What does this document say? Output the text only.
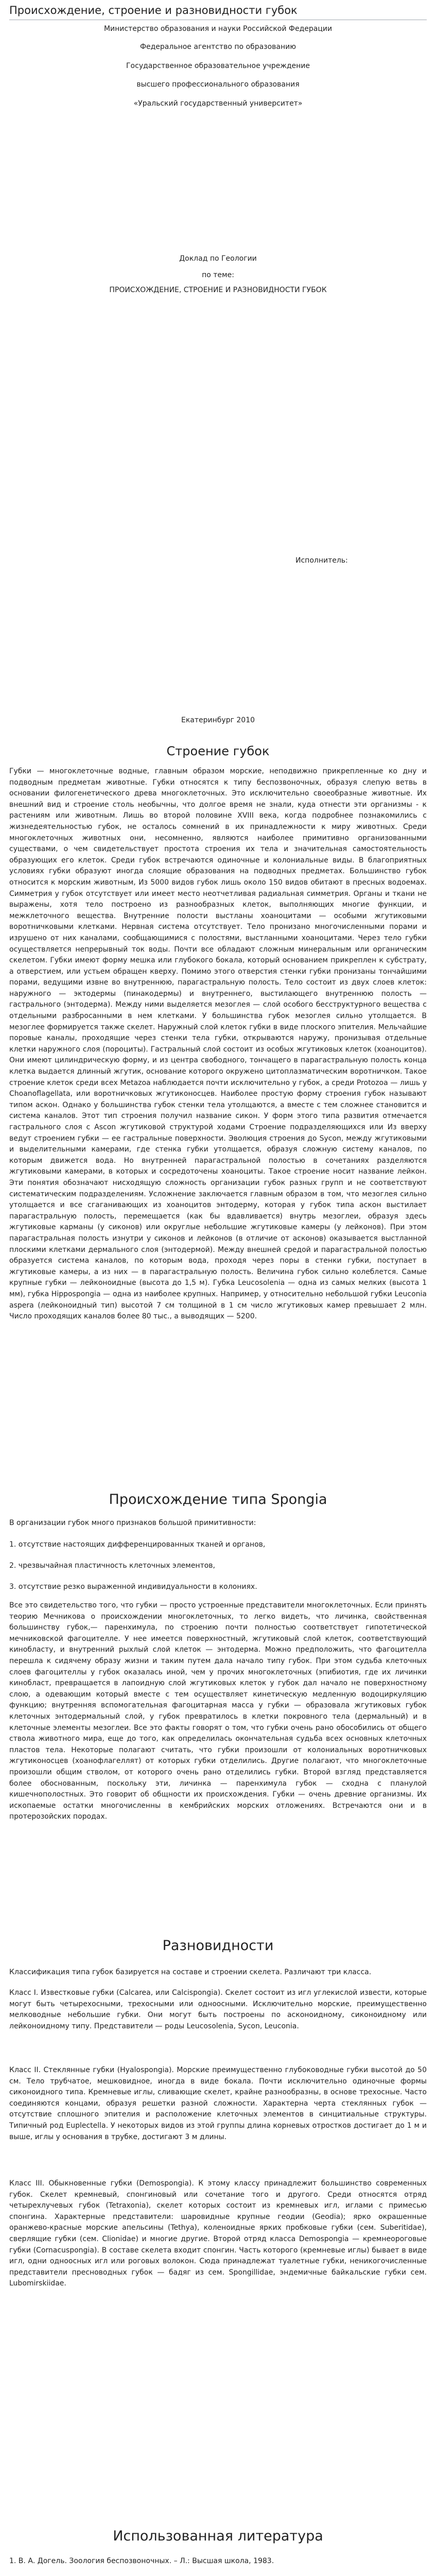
Происхождение, строение и разновидности губок
Министерство образования и науки Российской Федерации
Федеральное агентство по образованию
Государственное образовательное учреждение
высшего профессионального образования
«Уральский государственный университет»
Доклад по Геологии
по теме:
ПРОИСХОЖДЕНИЕ, СТРОЕНИЕ И РАЗНОВИДНОСТИ ГУБОК
Исполнитель:
Екатеринбург 2010
Строение губок

Губки — многоклеточные водные, главным образом морские, неподвижно прикрепленные ко дну и подводным предметам животные. Губки относятся к типу беспозвоночных, образуя слепую ветвь в основании филогенетического древа многоклеточных. Это исключительно своеобразные животные. Их внешний вид и строение столь необычны, что долгое время не знали, куда отнести эти организмы - к растениям или животным. Лишь во второй половине XVIII века, когда подробнее познакомились с жизнедеятельностью губок, не осталось сомнений в их принадлежности к миру животных. Среди многоклеточных животных они, несомненно, являются наиболее примитивно организованными существами, о чем свидетельствует простота строения их тела и значительная самостоятельность образующих его клеток. Среди губок встречаются одиночные и колониальные виды. В благоприятных условиях губки образуют иногда слоящие образования на подводных предметах. Большинство губок относится к морским животным, Из 5000 видов губок лишь около 150 видов обитают в пресных водоемах. Симметрия у губок отсутствует или имеет место неотчетливая радиальная симметрия. Органы и ткани не выражены, хотя тело построено из разнообразных клеток, выполняющих многие функции, и межклеточного вещества. Внутренние полости выстланы хоаноцитами — особыми жгутиковыми воротничковыми клетками. Нервная система отсутствует. Тело пронизано многочисленными порами и изрушено от них каналами, сообщающимися с полостями, выстланными хоаноцитами. Через тело губки осуществляется непрерывный ток воды. Почти все обладают сложным минеральным или органическим скелетом. Губки имеют форму мешка или глубокого бокала, который основанием прикреплен к субстрату, а отверстием, или устьем обращен кверху. Помимо этого отверстия стенки губки пронизаны тончайшими порами, ведущими извне во внутреннюю, парагастральную полость. Тело состоит из двух слоев клеток: наружного — эктодермы (пинакодермы) и внутреннего, выстилающего внутреннюю полость — гастрального (энтодерма). Между ними выделяется мезоглея — слой особого бесструктурного вещества с отдельными разбросанными в нем клетками. У большинства губок мезоглея сильно утолщается. В мезоглее формируется также скелет. Наружный слой клеток губки в виде плоского эпителия. Мельчайшие поровые каналы, проходящие через стенки тела губки, открываются наружу, пронизывая отдельные клетки наружного слоя (пороциты). Гастральный слой состоит из особых жгутиковых клеток (хоаноцитов). Они имеют цилиндрическую форму, и из центра свободного, тончащего в парагастральную полость конца клетка выдается длинный жгутик, основание которого окружено цитоплазматическим воротничком. Такое строение клеток среди всех Metazoa наблюдается почти исключительно у губок, а среди Protozoa — лишь у Choanoflagellata, или воротничковых жгутиконосцев. Наиболее простую форму строения губок называют типом аскон. Однако у большинства губок стенки тела утолщаются, а вместе с тем сложнее становится и система каналов. Этот тип строения получил название сикон. У форм этого типа развития отмечается гастрального слоя с Ascon жгутиковой структурой ходами Строение подразделяющихся или Из вверху ведут строением губки — ее гастральные поверхности. Эволюция строения до Sycon, между жгутиковыми и выделительными камерами, где стенка губки утолщается, образуя сложную систему каналов, по которым движется вода. Но внутренней парагастральной полостью в сочетаниях разделяются жгутиковыми камерами, в которых и сосредоточены хоаноциты. Такое строение носит название лейкон. Эти понятия обозначают нисходящую сложность организации губок разных групп и не соответствуют систематическим подразделениям. Усложнение заключается главным образом в том, что мезоглея сильно утолщается и все сгаганивающих из хоаноцитов энтодерму, которая у губок типа аскон выстилает парагастральную полость, перемещается (как бы вдавливается) внутрь мезоглеи, образуя здесь жгутиковые карманы (у сиконов) или округлые небольшие жгутиковые камеры (у лейконов). При этом парагастральная полость изнутри у сиконов и лейконов (в отличие от асконов) оказывается выстланной плоскими клетками дермального слоя (энтодермой). Между внешней средой и парагастральной полостью образуется система каналов, по которым вода, проходя через поры в стенки губки, поступает в жгутиковые камеры, а из них — в парагастральную полость. Величина губок сильно колеблется. Самые крупные губки — лейконоидные (высота до 1,5 м). Губка Leucosolenia — одна из самых мелких (высота 1 мм), губка Hippospongia — одна из наиболее крупных. Например, у относительно небольшой губки Leuconia aspera (лейконоидный тип) высотой 7 см толщиной в 1 см число жгутиковых камер превышает 2 млн. Число проходящих каналов более 80 тыс., а выводящих — 5200.

Происхождение типа Spongia

В организации губок много признаков большой примитивности:

1. отсутствие настоящих дифференцированных тканей и органов,

2. чрезвычайная пластичность клеточных элементов,

3. отсутствие резко выраженной индивидуальности в колониях.

Все это свидетельство того, что губки — просто устроенные представители многоклеточных. Если принять теорию Мечникова о происхождении многоклеточных, то легко видеть, что личинка, свойственная большинству губок,— паренхимула, по строению почти полностью соответствует гипотетической мечниковской фагоцителле. У нее имеется поверхностный, жгутиковый слой клеток, соответствующий кинобласту, и внутренний рыхлый слой клеток — энтодерма. Можно предположить, что фагоцителла перешла к сидячему образу жизни и таким путем дала начало типу губок. При этом судьба клеточных слоев фагоцителлы у губок оказалась иной, чем у прочих многоклеточных (эпибиотия, где их личинки кинобласт, превращается в лапоидную слой жгутиковых клеток у губок дал начало не поверхностному слою, а одевающим который вместе с тем осуществляет кинетическую медленную водоциркуляцию функцию; внутренняя вспомогательная фагоцитарная масса у губки — образовала жгутиковых губок клеточных энтодермальный слой, у губок превратилось в клетки покровного тела (дермальный) и в клеточные элементы мезоглеи. Все это факты говорят о том, что губки очень рано обособились от общего ствола животного мира, еще до того, как определилась окончательная судьба всех основных клеточных пластов тела. Некоторые полагают считать, что губки произошли от колониальных воротничковых жгутиконосцев (хоанофлагеллят) от которых губки отделились. Другие полагают, что многоклеточные произошли общим стволом, от которого очень рано отделились губки. Второй взгляд представляется более обоснованным, поскольку эти, личинка — паренхимула губок — сходна с планулой кишечнополостных. Это говорит об общности их происхождения. Губки — очень древние организмы. Их ископаемые остатки многочисленны в кембрийских морских отложениях. Встречаются они и в протерозойских породах.

Разновидности

Классификация типа губок базируется на составе и строении скелета. Различают три класса.

Класс I. Известковые губки (Calcarea, или Calcispongia). Скелет состоит из игл углекислой извести, которые могут быть четырехосными, трехосными или одноосными. Исключительно морские, преимущественно мелководные небольшие губки. Они могут быть построены по асконоидному, сиконоидному или лейконоидному типу. Представители — роды Leucosolenia, Sycon, Leuconia.

Класс II. Стеклянные губки (Hyalospongia). Морские преимущественно глубоководные губки высотой до 50 см. Тело трубчатое, мешковидное, иногда в виде бокала. Почти исключительно одиночные формы сиконоидного типа. Кремневые иглы, сливающие скелет, крайне разнообразны, в основе трехосные. Часто соединяются концами, образуя решетки разной сложности. Характерна черта стеклянных губок — отсутствие сплошного эпителия и расположение клеточных элементов в синцитиальные структуры. Типичный род Euplectella. У некоторых видов из этой группы длина корневых отростков достигает до 1 м и выше, иглы у основания в трубке, достигают 3 м длины.

Класс III. Обыкновенные губки (Demospongia). К этому классу принадлежит большинство современных губок. Скелет кремневый, спонгиновый или сочетание того и другого. Среди относятся отряд четырехлучевых губок (Tetraxonia), скелет которых состоит из кремневых игл, иглами с примесью спонгина. Характерные представители: шаровидные крупные геодии (Geodia); ярко окрашенные оранжево-красные морские апельсины (Tethya), коленоидные ярких пробковые губки (сем. Suberitidae), сверлящие губки (сем. Clionidae) и многие другие. Второй отряд класса Demospongia — кремнеороговые губки (Cornacuspongia). В составе скелета входит спонгин. Часть которого (кремневые иглы) бывает в виде игл, одни одноосных игл или роговых волокон. Сюда принадлежат туалетные губки, неникогочисленные представители пресноводных губок — бадяг из сем. Spongillidae, эндемичные байкальские губки сем. Lubomirskiidae.

Использованная литература

1. В. А. Догель. Зоология беспозвоночных. – Л.: Высшая школа, 1983.
